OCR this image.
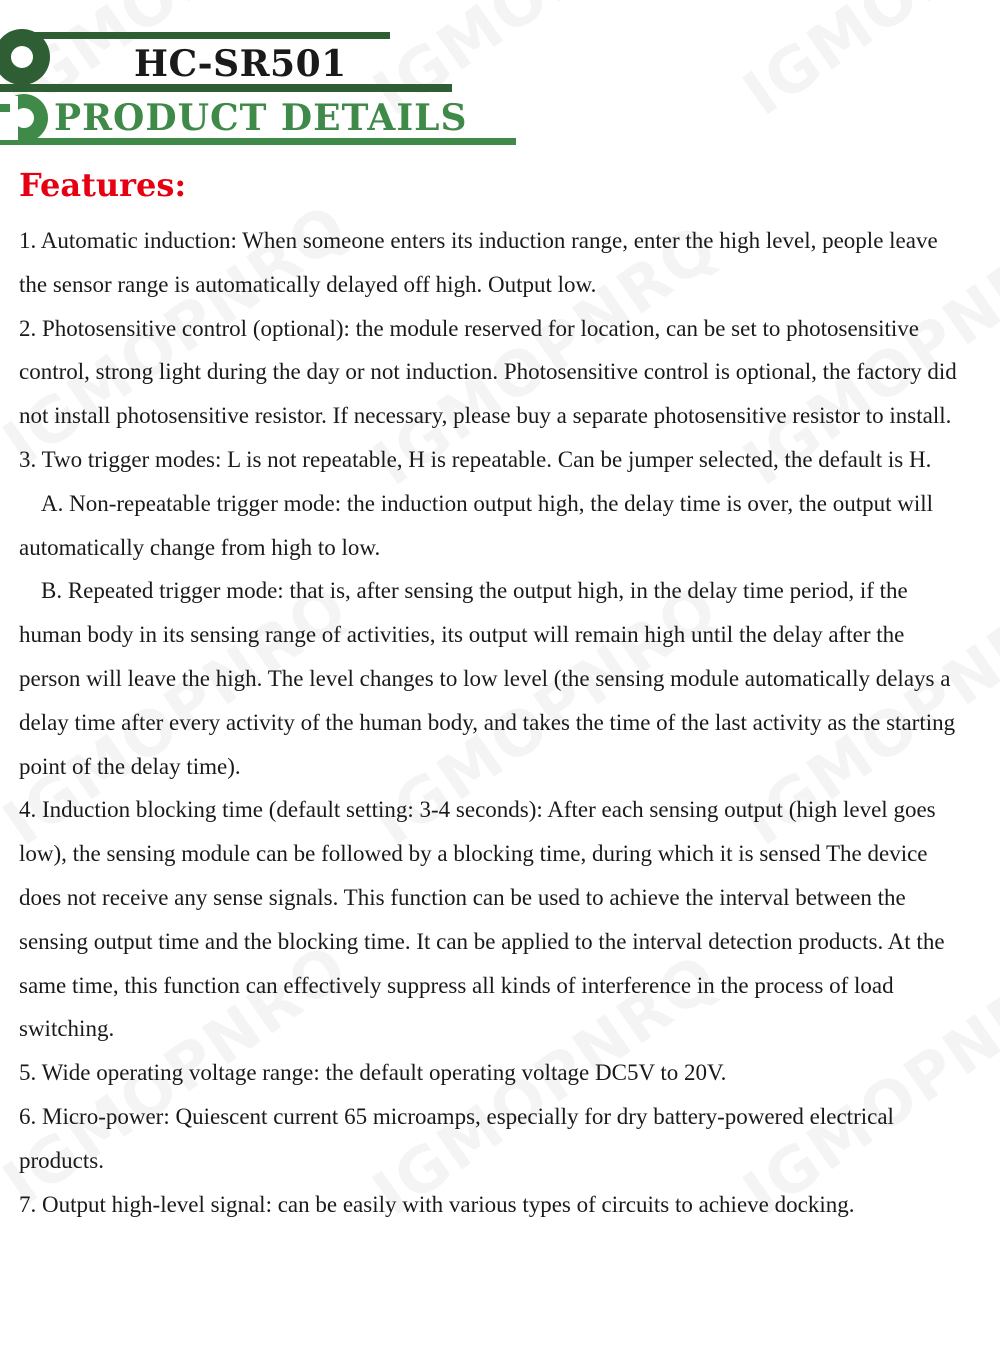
HC-SR501
PRODUCT DETAILS
Features:

1. Automatic induction: When someone enters its induction range, enter the high level, people leave the sensor range is automatically delayed off high. Output low.

2. Photosensitive control (optional): the module reserved for location, can be set to photosensitive control, strong light during the day or not induction. Photosensitive control is optional, the factory did not install photosensitive resistor. If necessary, please buy a separate photosensitive resistor to install.

3. Two trigger modes: L is not repeatable, H is repeatable. Can be jumper selected, the default is H.

A. Non-repeatable trigger mode: the induction output high, the delay time is over, the output will automatically change from high to low.

B. Repeated trigger mode: that is, after sensing the output high, in the delay time period, if the human body in its sensing range of activities, its output will remain high until the delay after the person will leave the high. The level changes to low level (the sensing module automatically delays a delay time after every activity of the human body, and takes the time of the last activity as the starting point of the delay time).

4. Induction blocking time (default setting: 3-4 seconds): After each sensing output (high level goes low), the sensing module can be followed by a blocking time, during which it is sensed The device does not receive any sense signals. This function can be used to achieve the interval between the sensing output time and the blocking time. It can be applied to the interval detection products. At the same time, this function can effectively suppress all kinds of interference in the process of load switching.

5. Wide operating voltage range: the default operating voltage DC5V to 20V.

6. Micro-power: Quiescent current 65 microamps, especially for dry battery-powered electrical products.

7. Output high-level signal: can be easily with various types of circuits to achieve docking.
